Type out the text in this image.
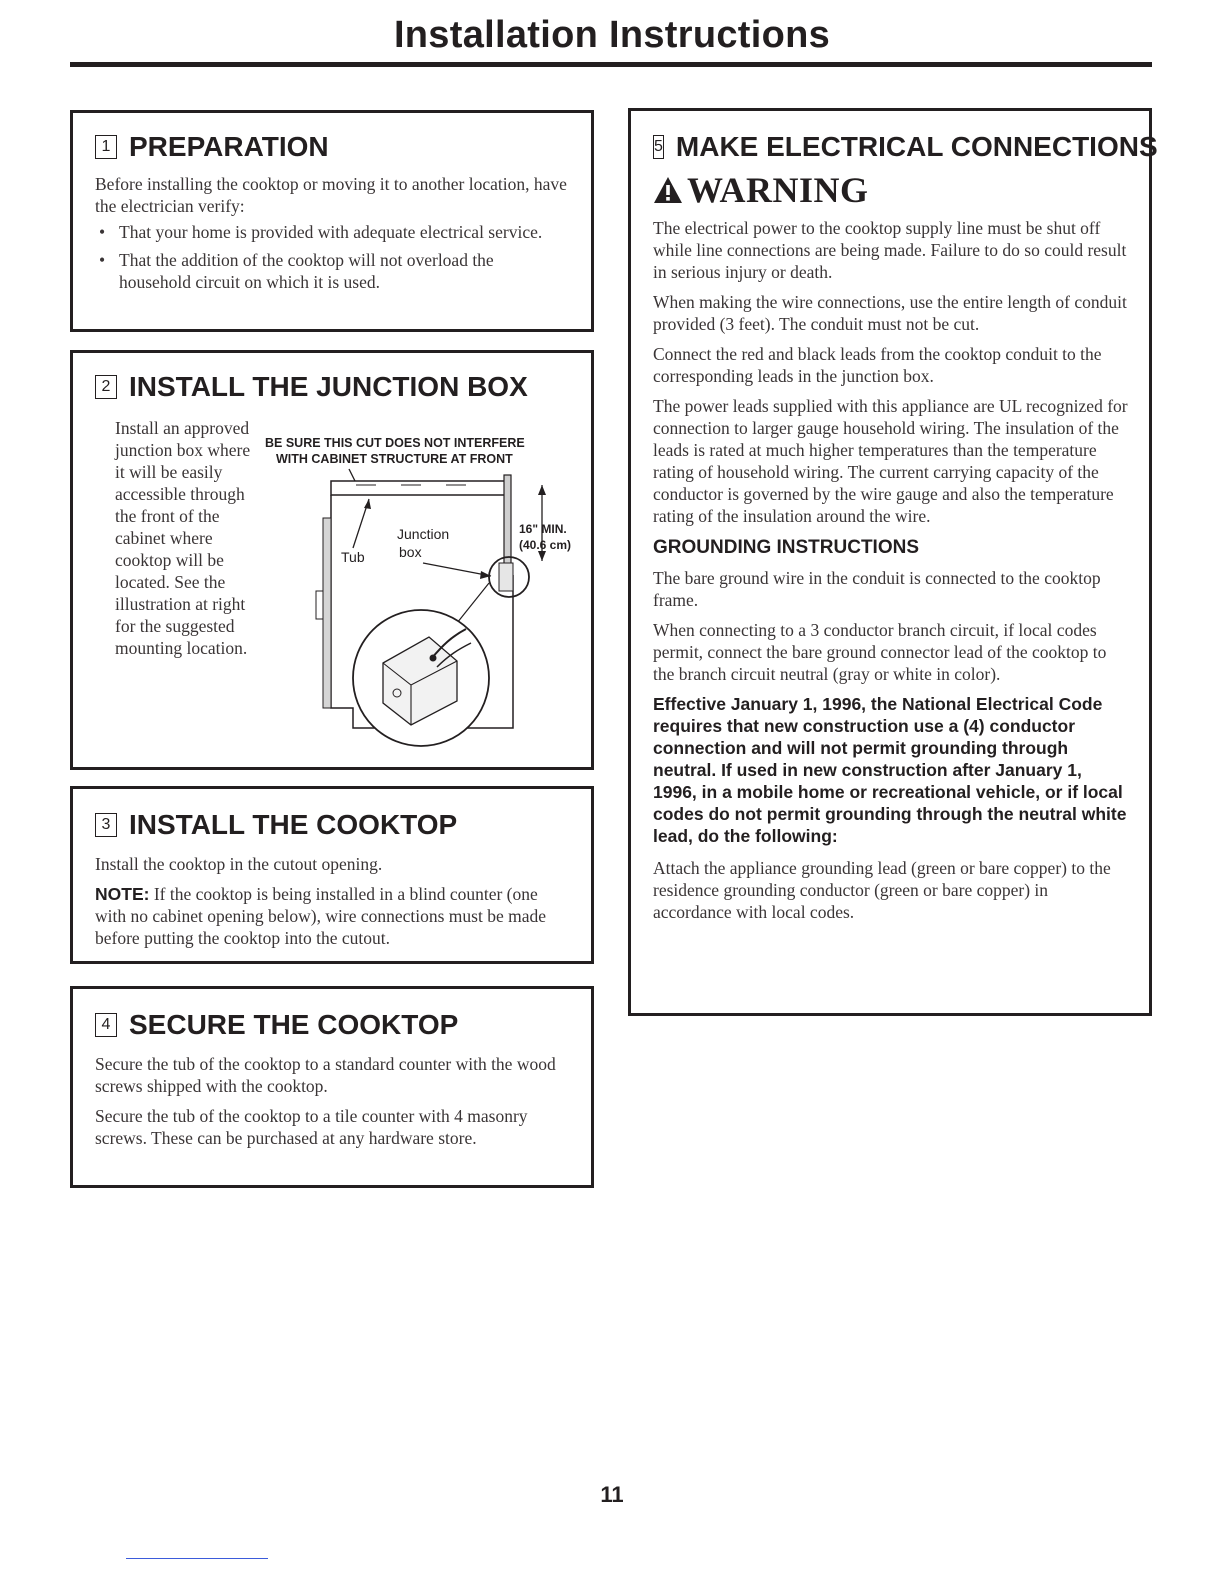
Installation Instructions
1 PREPARATION

Before installing the cooktop or moving it to another location, have the electrician verify:

• That your home is provided with adequate electrical service.
• That the addition of the cooktop will not overload the household circuit on which it is used.
2 INSTALL THE JUNCTION BOX
Install an approved junction box where it will be easily accessible through the front of the cabinet where cooktop will be located. See the illustration at right for the suggested mounting location.
BE SURE THIS CUT DOES NOT INTERFERE
WITH CABINET STRUCTURE AT FRONT
16" MIN.
(40.6 cm)
Junction
box
Tub
3 INSTALL THE COOKTOP

Install the cooktop in the cutout opening.

NOTE: If the cooktop is being installed in a blind counter (one with no cabinet opening below), wire connections must be made before putting the cooktop into the cutout.

4 SECURE THE COOKTOP

Secure the tub of the cooktop to a standard counter with the wood screws shipped with the cooktop.

Secure the tub of the cooktop to a tile counter with 4 masonry screws. These can be purchased at any hardware store.

5 MAKE ELECTRICAL CONNECTIONS
WARNING

The electrical power to the cooktop supply line must be shut off while line connections are being made. Failure to do so could result in serious injury or death.

When making the wire connections, use the entire length of conduit provided (3 feet). The conduit must not be cut.

Connect the red and black leads from the cooktop conduit to the corresponding leads in the junction box.

The power leads supplied with this appliance are UL recognized for connection to larger gauge household wiring. The insulation of the leads is rated at much higher temperatures than the temperature rating of household wiring. The current carrying capacity of the conductor is governed by the wire gauge and also the temperature rating of the insulation around the wire.

GROUNDING INSTRUCTIONS

The bare ground wire in the conduit is connected to the cooktop frame.

When connecting to a 3 conductor branch circuit, if local codes permit, connect the bare ground connector lead of the cooktop to the branch circuit neutral (gray or white in color).

Effective January 1, 1996, the National Electrical Code requires that new construction use a (4) conductor connection and will not permit grounding through neutral. If used in new construction after January 1, 1996, in a mobile home or recreational vehicle, or if local codes do not permit grounding through the neutral white lead, do the following:

Attach the appliance grounding lead (green or bare copper) to the residence grounding conductor (green or bare copper) in accordance with local codes.

11
